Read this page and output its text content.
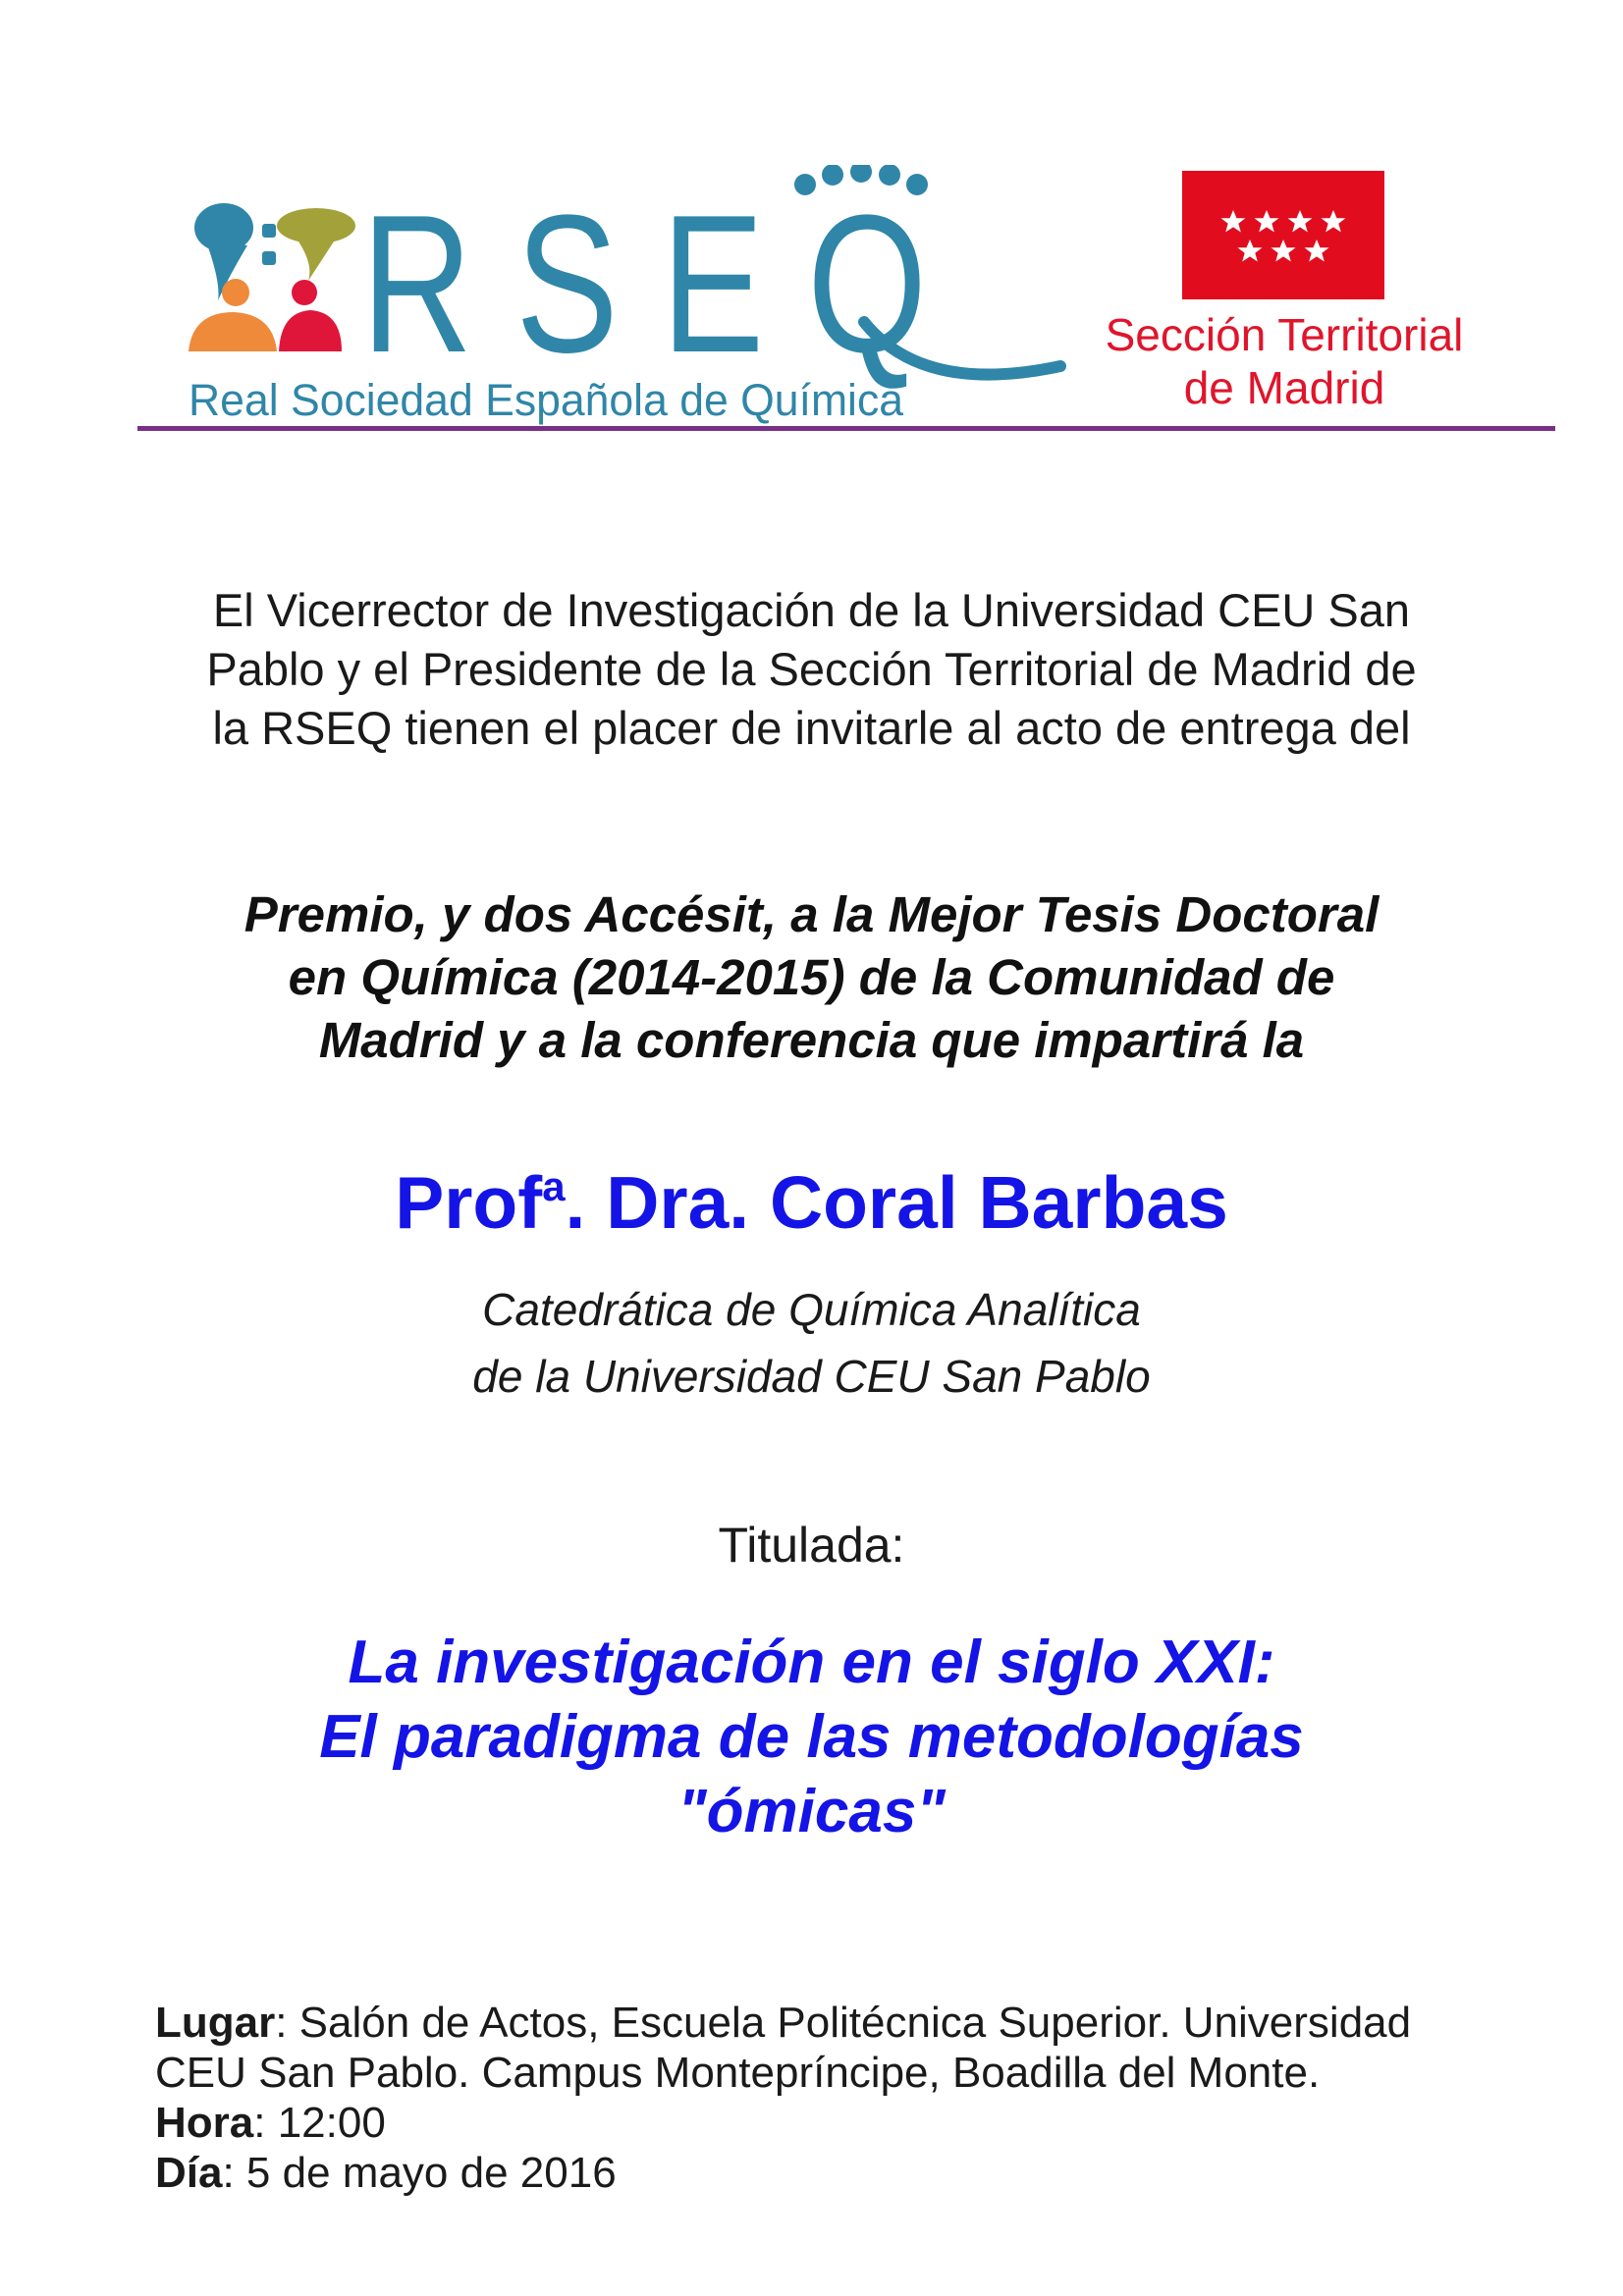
RSEQ
Real Sociedad Española de Química
Sección Territorial
de Madrid
El Vicerrector de Investigación de la Universidad CEU San
Pablo y el Presidente de la Sección Territorial de Madrid de
la RSEQ tienen el placer de invitarle al acto de entrega del
Premio, y dos Accésit, a la Mejor Tesis Doctoral
en Química (2014-2015) de la Comunidad de
Madrid y a la conferencia que impartirá la
Prof$^a$. Dra. Coral Barbas
Catedrática de Química Analítica
de la Universidad CEU San Pablo
Titulada:
La investigación en el siglo XXI:
El paradigma de las metodologías
"ómicas"
Lugar: Salón de Actos, Escuela Politécnica Superior. Universidad
CEU San Pablo. Campus Montepríncipe, Boadilla del Monte.
Hora: 12:00
Día: 5 de mayo de 2016
